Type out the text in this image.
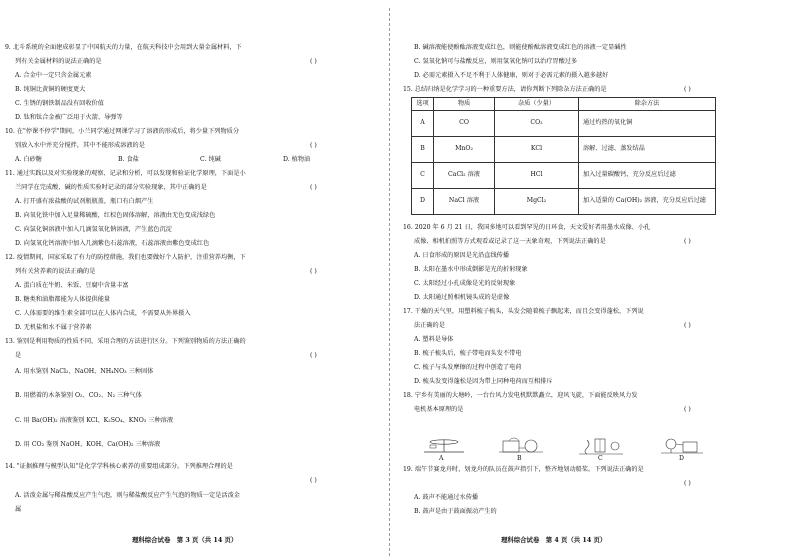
理科综合试卷　第 3 页（共 14 页）
9. 北斗系统的全面建成彰显了中国航天的力量，在航天科技中会用到大量金属材料，下
列有关金属材料的说法正确的是	( )
A. 合金中一定只含金属元素
B. 纯铜比黄铜的硬度更大
C. 生锈的钢铁制品没有回收价值
D. 钛和钛合金被广泛用于火箭、导弹等
10. 在"停课不停学"期间，小兰同学通过网课学习了溶液的形成后，将少量下列物质分
别放入水中并充分搅拌，其中不能形成溶液的是	( )
A. 白砂糖	B. 食盐	C. 纯碱	D. 植物油
11. 通过实践以及对实验现象的观察、记录和分析，可以发现和验证化学原理，下面是小
兰同学在完成酸、碱的性质实验时记录的部分实验现象，其中正确的是	( )
A. 打开盛有浓盐酸的试剂瓶瓶盖，瓶口有白烟产生
B. 向氧化铁中加入足量稀硫酸，红棕色固体溶解，溶液由无色变成浅绿色
C. 向氯化铜溶液中加入几滴氢氧化钠溶液，产生蓝色沉淀
D. 向氢氧化钙溶液中加入几滴紫色石蕊溶液，石蕊溶液由紫色变成红色
12. 疫情期间，国家采取了有力的防控措施，我们也要做好个人防护，注重营养均衡，下
列有关营养素的说法正确的是	( )
A. 蛋白质在牛奶、米饭、豆腐中含量丰富
B. 糖类和油脂都能为人体提供能量
C. 人体需要的维生素全部可以在人体内合成，不需要从外界摄入
D. 无机盐和水不属于营养素
13. 鉴别是利用物质的性质不同，采用合理的方法进行区分。下列鉴别物质的方法正确的
是	( )
A. 用水鉴别 NaCl₂、NaOH、NH₄NO₃ 三种固体
B. 用燃着的木条鉴别 O₂、CO₂、N₂ 三种气体
C. 用 Ba(OH)₂ 溶液鉴别 KCl、K₂SO₄、KNO₃ 三种溶液
D. 用 CO₂ 鉴别 NaOH、KOH、Ca(OH)₂ 三种溶液
14. "证据推理与模型认知"是化学学科核心素养的重要组成部分。下列推理合理的是
( )
A. 活泼金属与稀盐酸反应产生气泡，则与稀盐酸反应产生气泡的物质一定是活泼金
属
选项	物质	杂质（少量）	除杂方法
A	CO	CO₂	通过灼热的氧化铜
B	MnO₂	KCl	溶解、过滤、蒸发结晶
C	CaCl₂ 溶液	HCl	加入过量碳酸钙，充分反应后过滤
D	NaCl 溶液	MgCl₂	加入适量的 Ca(OH)₂ 溶液，充分反应后过滤
理科综合试卷　第 4 页（共 14 页）
B. 碱溶液能使酚酞溶液变成红色，则能使酚酞溶液变成红色的溶液一定显碱性
C. 氢氧化钠可与盐酸反应，则用氢氧化钠可以治疗胃酸过多
D. 必需元素摄入不足不利于人体健康，则对于必需元素的摄入越多越好
15. 总结归纳是化学学习的一种重要方法，请你判断下列除杂方法正确的是	( )
16. 2020 年 6 月 21 日，我国多地可以看到罕见的日环食，天文爱好者用墨水成像、小孔
成像、相机拍照等方式观看或记录了这一天象奇观，下列说法正确的是	( )
A. 日食形成的原因是光沿直线传播
B. 太阳在墨水中形成倒影是光的折射现象
C. 太阳经过小孔成像是光的反射现象
D. 太阳通过照相机镜头成的是虚像
17. 干燥的天气里，用塑料梳子梳头，头发会随着梳子飘起来，而且会变得蓬松，下列说
法正确的是	( )
A. 塑料是导体
B. 梳子梳头后，梳子带电而头发不带电
C. 梳子与头发摩擦的过程中创造了电荷
D. 梳头发变得蓬松是因为带上同种电荷而互相排斥
18. 宁乡有美丽的大塘岭，一台台风力发电机默默矗立，迎风飞旋，下面能反映风力发
电机基本原理的是	( )
A	B	C	D
19. 端午节赛龙舟时，划龙舟的队员在鼓声指引下，整齐地划动船桨，下列说法正确的是
( )
A. 鼓声不能通过水传播
B. 鼓声是由于鼓面振动产生的
